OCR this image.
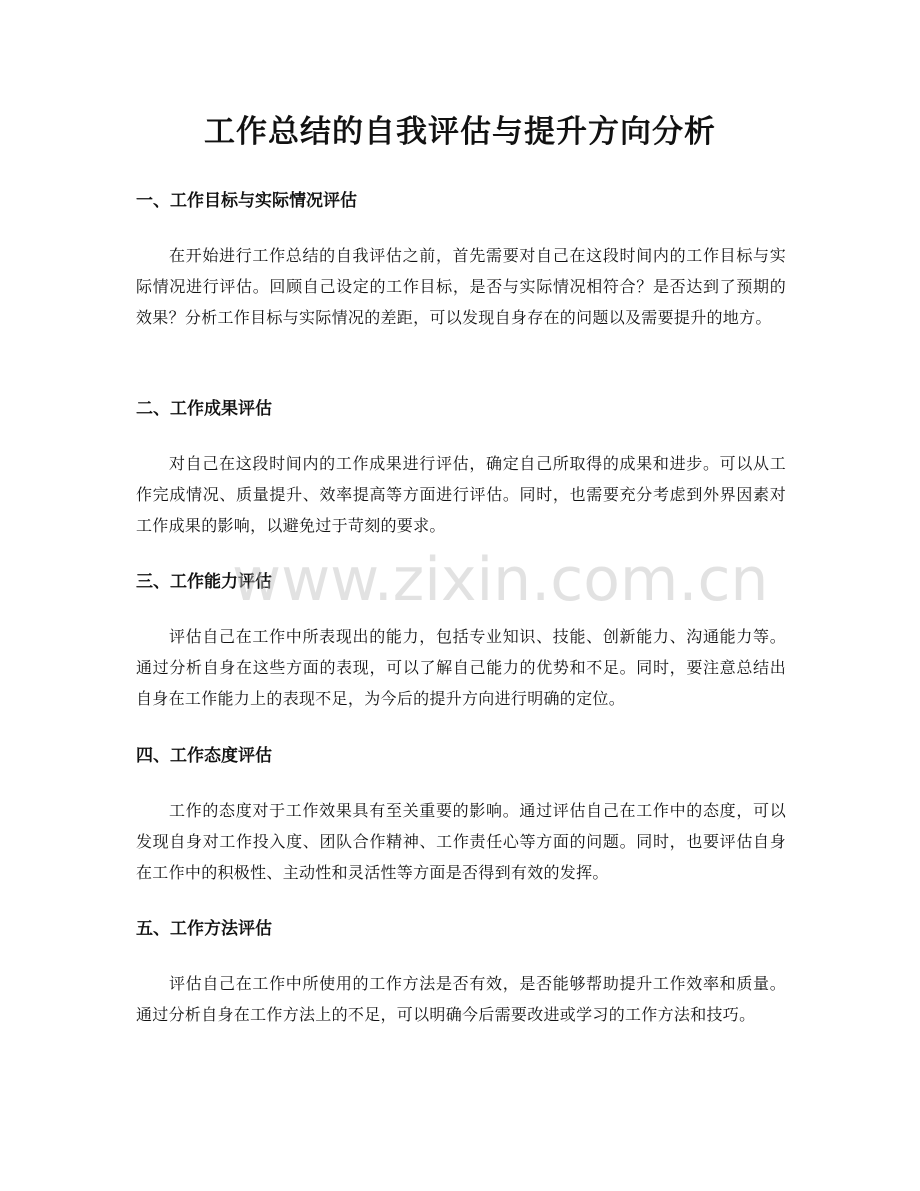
工作总结的自我评估与提升方向分析
一、工作目标与实际情况评估

在开始进行工作总结的自我评估之前，首先需要对自己在这段时间内的工作目标与实际情况进行评估。回顾自己设定的工作目标，是否与实际情况相符合？是否达到了预期的效果？分析工作目标与实际情况的差距，可以发现自身存在的问题以及需要提升的地方。

二、工作成果评估

对自己在这段时间内的工作成果进行评估，确定自己所取得的成果和进步。可以从工作完成情况、质量提升、效率提高等方面进行评估。同时，也需要充分考虑到外界因素对工作成果的影响，以避免过于苛刻的要求。

三、工作能力评估

评估自己在工作中所表现出的能力，包括专业知识、技能、创新能力、沟通能力等。通过分析自身在这些方面的表现，可以了解自己能力的优势和不足。同时，要注意总结出自身在工作能力上的表现不足，为今后的提升方向进行明确的定位。

四、工作态度评估

工作的态度对于工作效果具有至关重要的影响。通过评估自己在工作中的态度，可以发现自身对工作投入度、团队合作精神、工作责任心等方面的问题。同时，也要评估自身在工作中的积极性、主动性和灵活性等方面是否得到有效的发挥。

五、工作方法评估

评估自己在工作中所使用的工作方法是否有效，是否能够帮助提升工作效率和质量。通过分析自身在工作方法上的不足，可以明确今后需要改进或学习的工作方法和技巧。

www.zixin.com.cn
